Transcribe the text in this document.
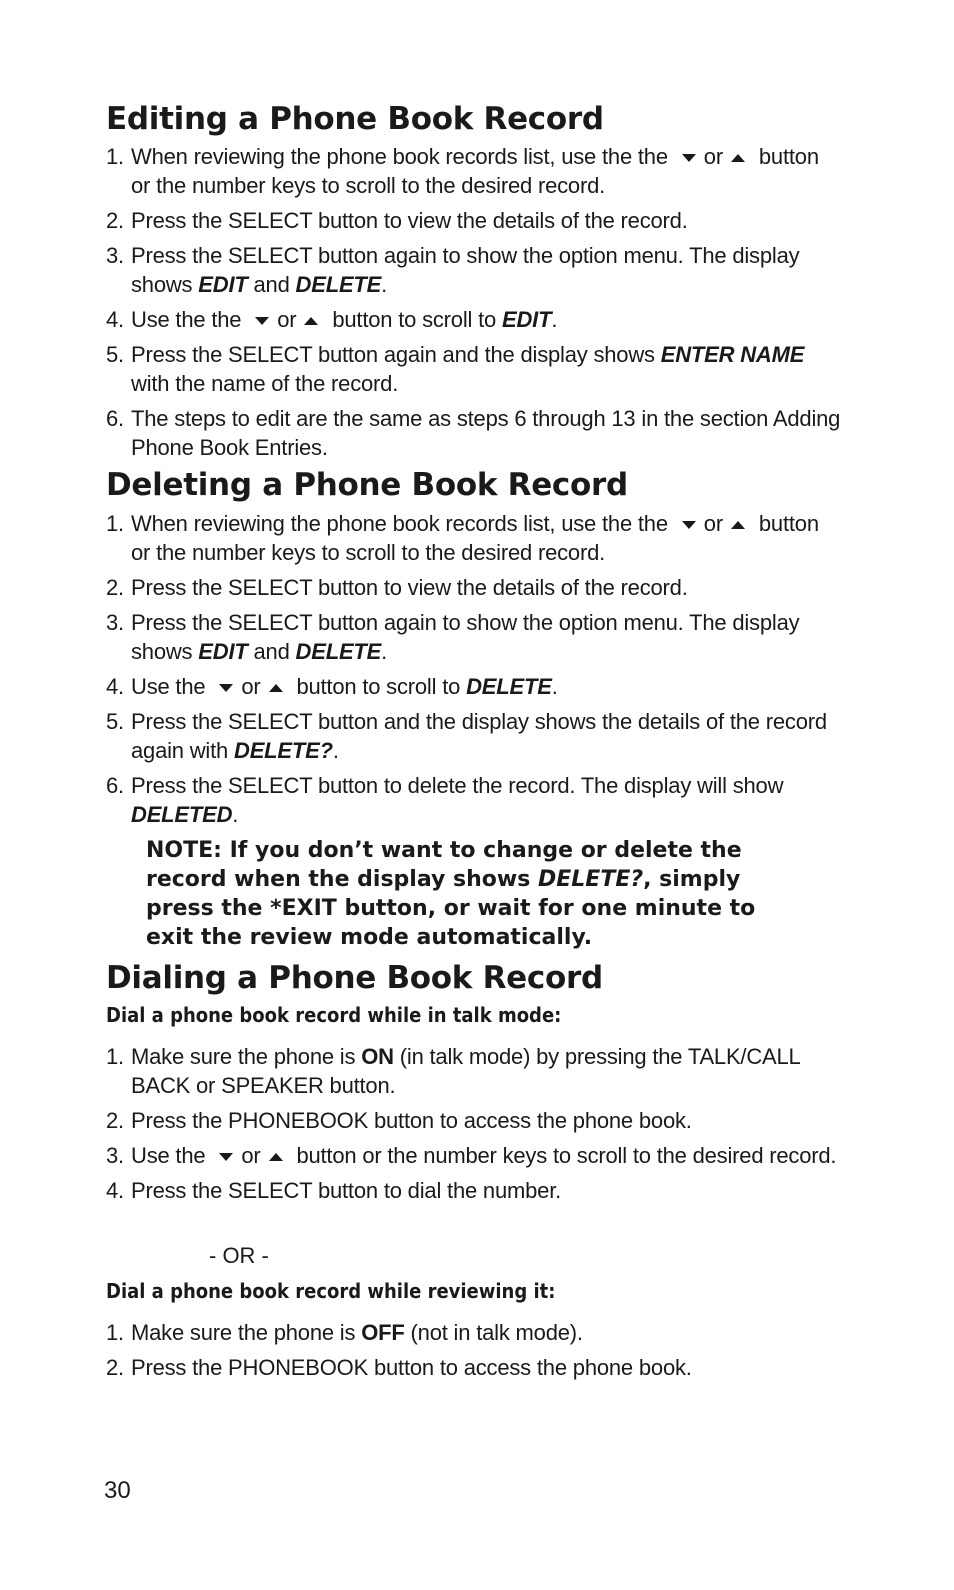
Editing a Phone Book Record
1. When reviewing the phone book records list, use the the or button or the number keys to scroll to the desired record.
2. Press the SELECT button to view the details of the record.
3. Press the SELECT button again to show the option menu. The display shows EDIT and DELETE.
4. Use the the or button to scroll to EDIT.
5. Press the SELECT button again and the display shows ENTER NAME with the name of the record.
6. The steps to edit are the same as steps 6 through 13 in the section Adding Phone Book Entries.
Deleting a Phone Book Record
1. When reviewing the phone book records list, use the the or button or the number keys to scroll to the desired record.
2. Press the SELECT button to view the details of the record.
3. Press the SELECT button again to show the option menu. The display shows EDIT and DELETE.
4. Use the or button to scroll to DELETE.
5. Press the SELECT button and the display shows the details of the record again with DELETE?.
6. Press the SELECT button to delete the record. The display will show DELETED.

NOTE: If you don’t want to change or delete the record when the display shows DELETE?, simply press the *EXIT button, or wait for one minute to exit the review mode automatically.

Dialing a Phone Book Record

Dial a phone book record while in talk mode:

1. Make sure the phone is ON (in talk mode) by pressing the TALK/CALL BACK or SPEAKER button.
2. Press the PHONEBOOK button to access the phone book.
3. Use the or button or the number keys to scroll to the desired record.
4. Press the SELECT button to dial the number.

- OR -

Dial a phone book record while reviewing it:

1. Make sure the phone is OFF (not in talk mode).
2. Press the PHONEBOOK button to access the phone book.

30
